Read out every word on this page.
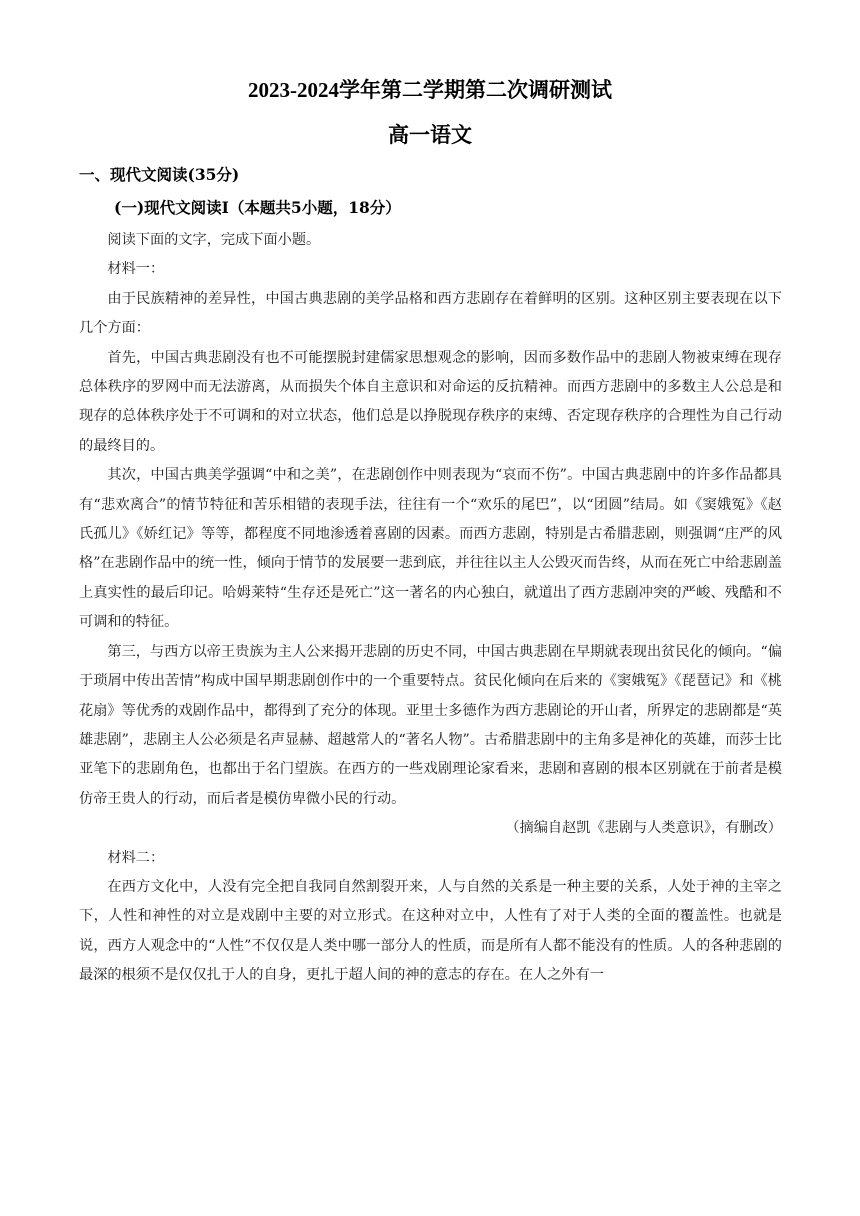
2023-2024学年第二学期第二次调研测试
高一语文
一、现代文阅读(35分)
(一)现代文阅读Ⅰ（本题共5小题，18分）

阅读下面的文字，完成下面小题。

材料一：

由于民族精神的差异性，中国古典悲剧的美学品格和西方悲剧存在着鲜明的区别。这种区别主要表现在以下几个方面：

首先，中国古典悲剧没有也不可能摆脱封建儒家思想观念的影响，因而多数作品中的悲剧人物被束缚在现存总体秩序的罗网中而无法游离，从而损失个体自主意识和对命运的反抗精神。而西方悲剧中的多数主人公总是和现存的总体秩序处于不可调和的对立状态，他们总是以挣脱现存秩序的束缚、否定现存秩序的合理性为自己行动的最终目的。

其次，中国古典美学强调“中和之美”，在悲剧创作中则表现为“哀而不伤”。中国古典悲剧中的许多作品都具有“悲欢离合”的情节特征和苦乐相错的表现手法，往往有一个“欢乐的尾巴”，以“团圆”结局。如《窦娥冤》《赵氏孤儿》《娇红记》等等，都程度不同地渗透着喜剧的因素。而西方悲剧，特别是古希腊悲剧，则强调“庄严的风格”在悲剧作品中的统一性，倾向于情节的发展要一悲到底，并往往以主人公毁灭而告终，从而在死亡中给悲剧盖上真实性的最后印记。哈姆莱特“生存还是死亡”这一著名的内心独白，就道出了西方悲剧冲突的严峻、残酷和不可调和的特征。

第三，与西方以帝王贵族为主人公来揭开悲剧的历史不同，中国古典悲剧在早期就表现出贫民化的倾向。“偏于琐屑中传出苦情”构成中国早期悲剧创作中的一个重要特点。贫民化倾向在后来的《窦娥冤》《琵琶记》和《桃花扇》等优秀的戏剧作品中，都得到了充分的体现。亚里士多德作为西方悲剧论的开山者，所界定的悲剧都是“英雄悲剧”，悲剧主人公必须是名声显赫、超越常人的“著名人物”。古希腊悲剧中的主角多是神化的英雄，而莎士比亚笔下的悲剧角色，也都出于名门望族。在西方的一些戏剧理论家看来，悲剧和喜剧的根本区别就在于前者是模仿帝王贵人的行动，而后者是模仿卑微小民的行动。

（摘编自赵凯《悲剧与人类意识》，有删改）

材料二：

在西方文化中，人没有完全把自我同自然割裂开来，人与自然的关系是一种主要的关系，人处于神的主宰之下，人性和神性的对立是戏剧中主要的对立形式。在这种对立中，人性有了对于人类的全面的覆盖性。也就是说，西方人观念中的“人性”不仅仅是人类中哪一部分人的性质，而是所有人都不能没有的性质。人的各种悲剧的最深的根须不是仅仅扎于人的自身，更扎于超人间的神的意志的存在。在人之外有一
